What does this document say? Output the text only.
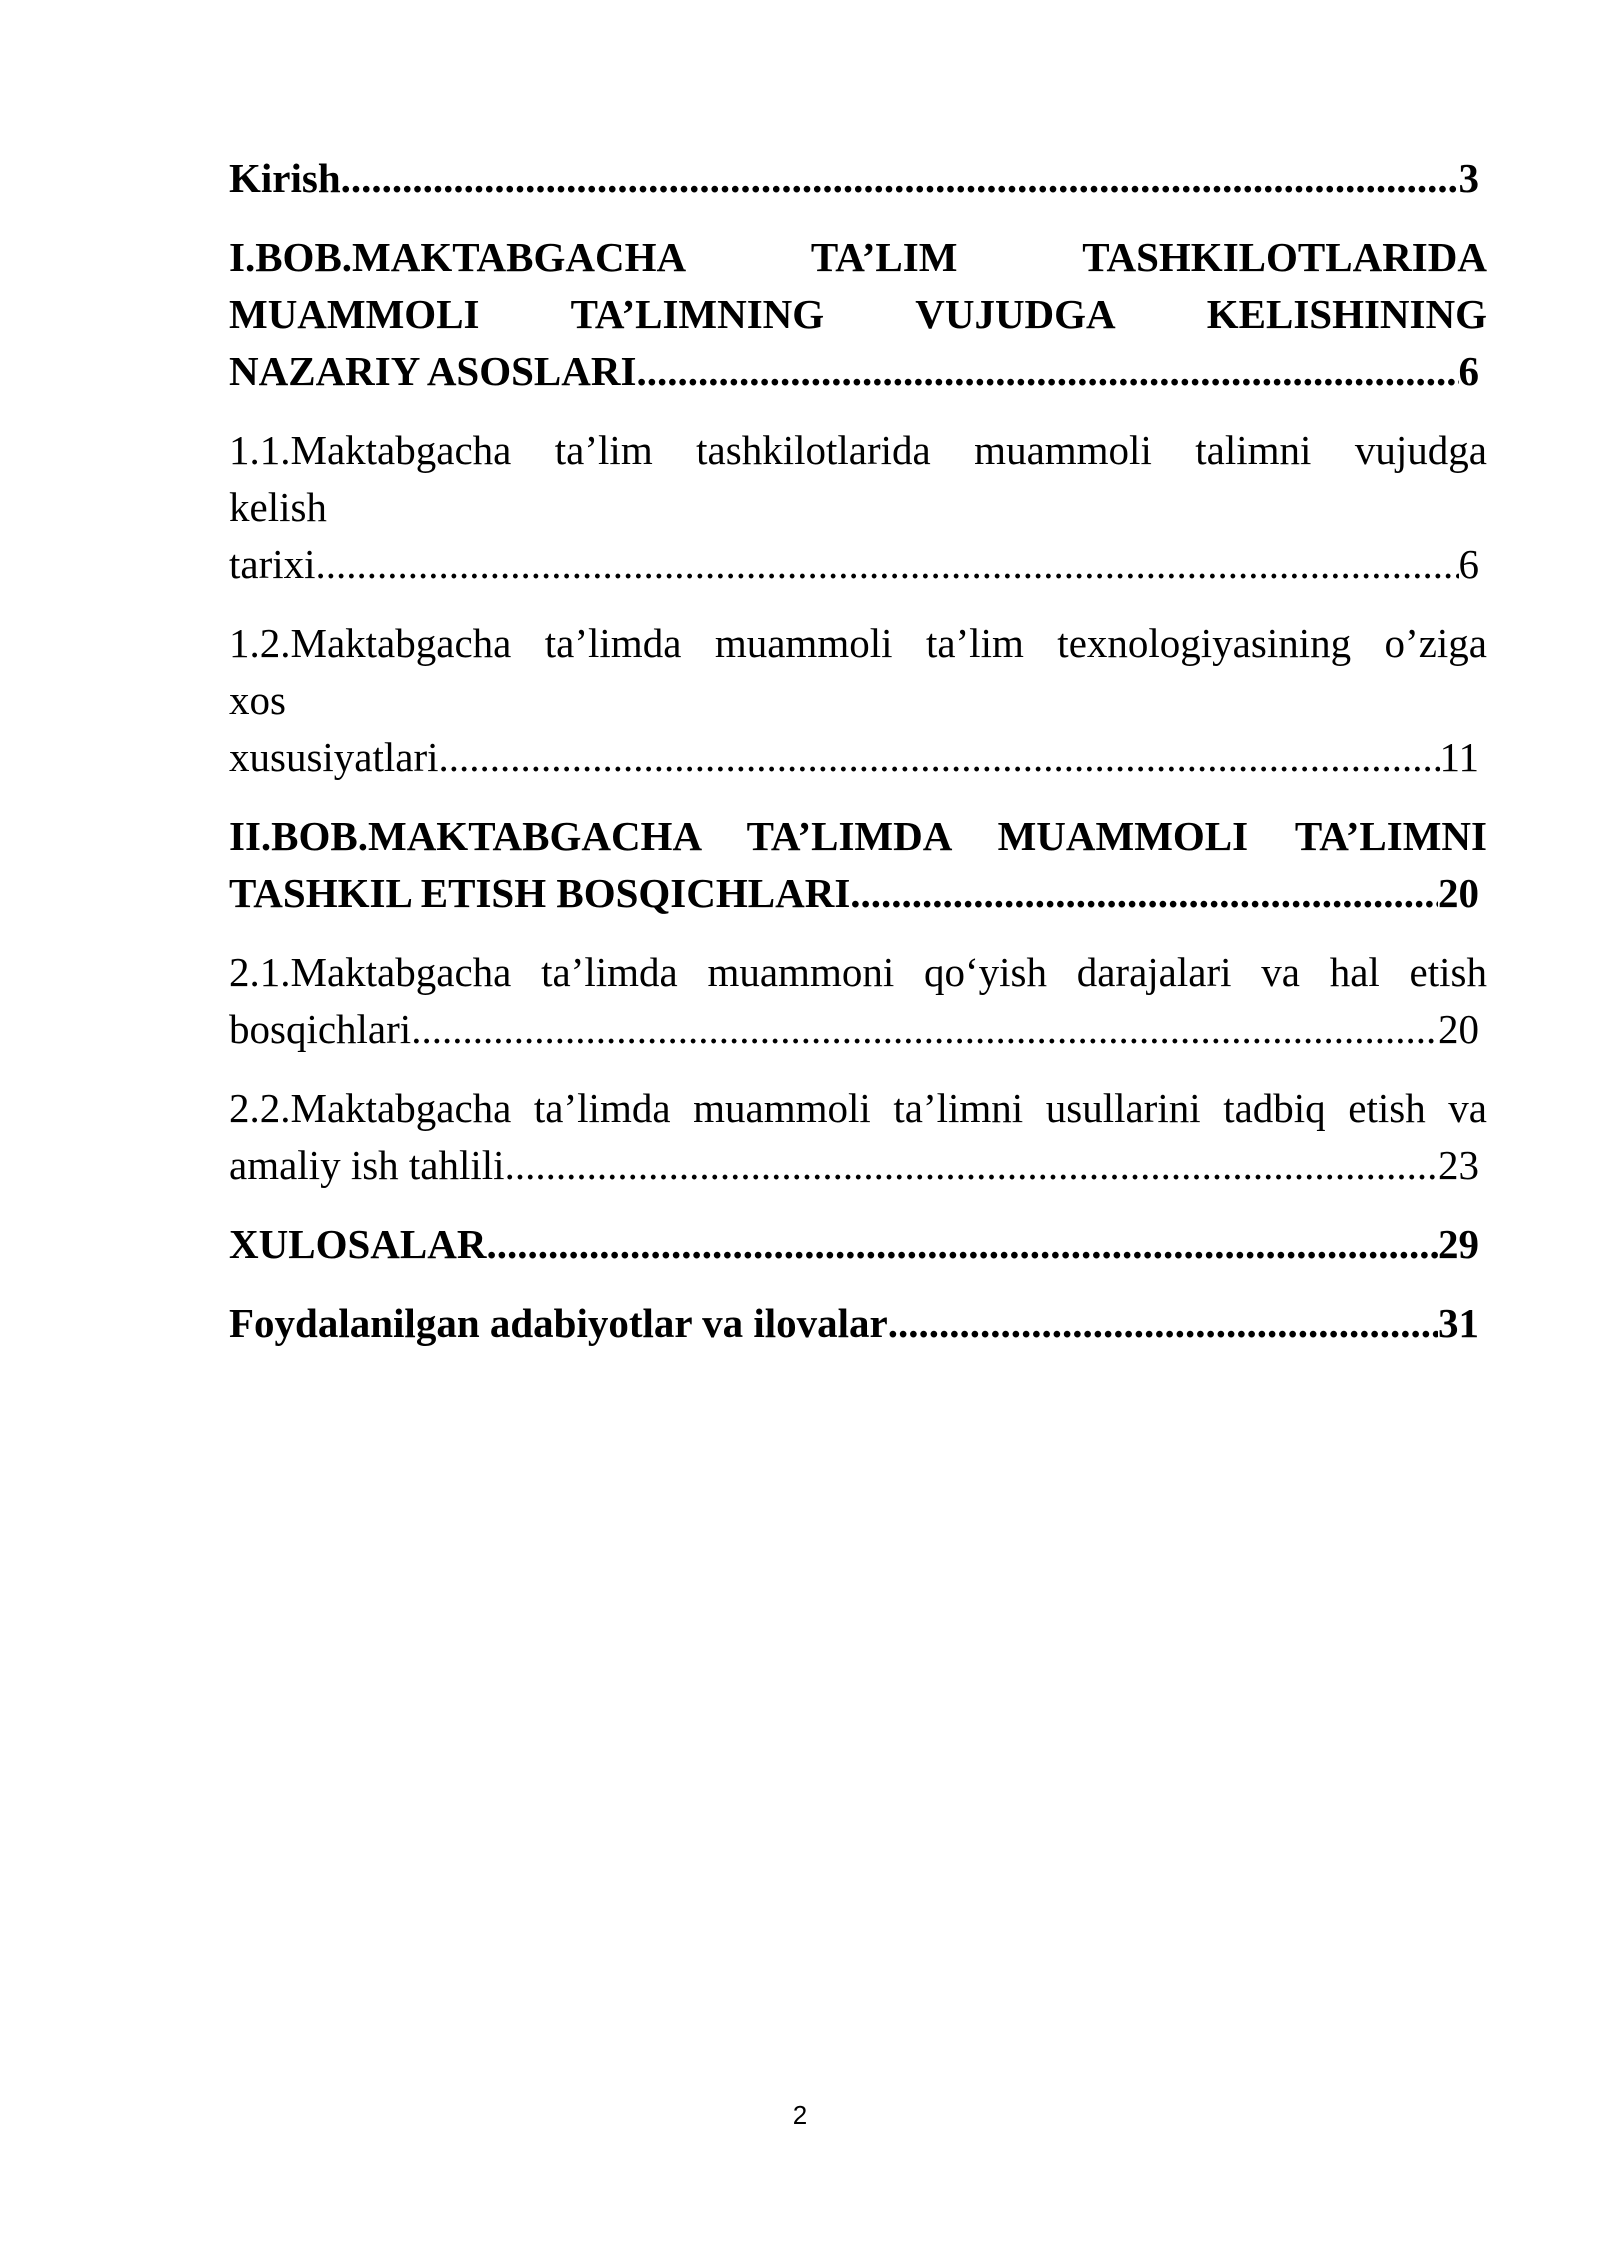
Kirish .....	3
I.BOB.MAKTABGACHA	TA’LIM	TASHKILOTLARIDA
MUAMMOLI TA’LIMNING VUJUDGA KELISHINING
NAZARIY ASOSLARI .....	6
1.1.Maktabgacha ta’lim tashkilotlarida muammoli talimni vujudga
kelish
tarixi .....	6
1.2.Maktabgacha ta’limda muammoli ta’lim texnologiyasining o’ziga
xos
xususiyatlari .....	11
II.BOB.MAKTABGACHA TA’LIMDA MUAMMOLI TA’LIMNI
TASHKIL ETISH BOSQICHLARI .....	20
2.1.Maktabgacha ta’limda muammoni qo‘yish darajalari va hal etish
bosqichlari .....	20
2.2.Maktabgacha ta’limda muammoli ta’limni usullarini tadbiq etish va
amaliy ish tahlili .....	23
XULOSALAR .....	29
Foydalanilgan adabiyotlar va ilovalar .....	31
2
